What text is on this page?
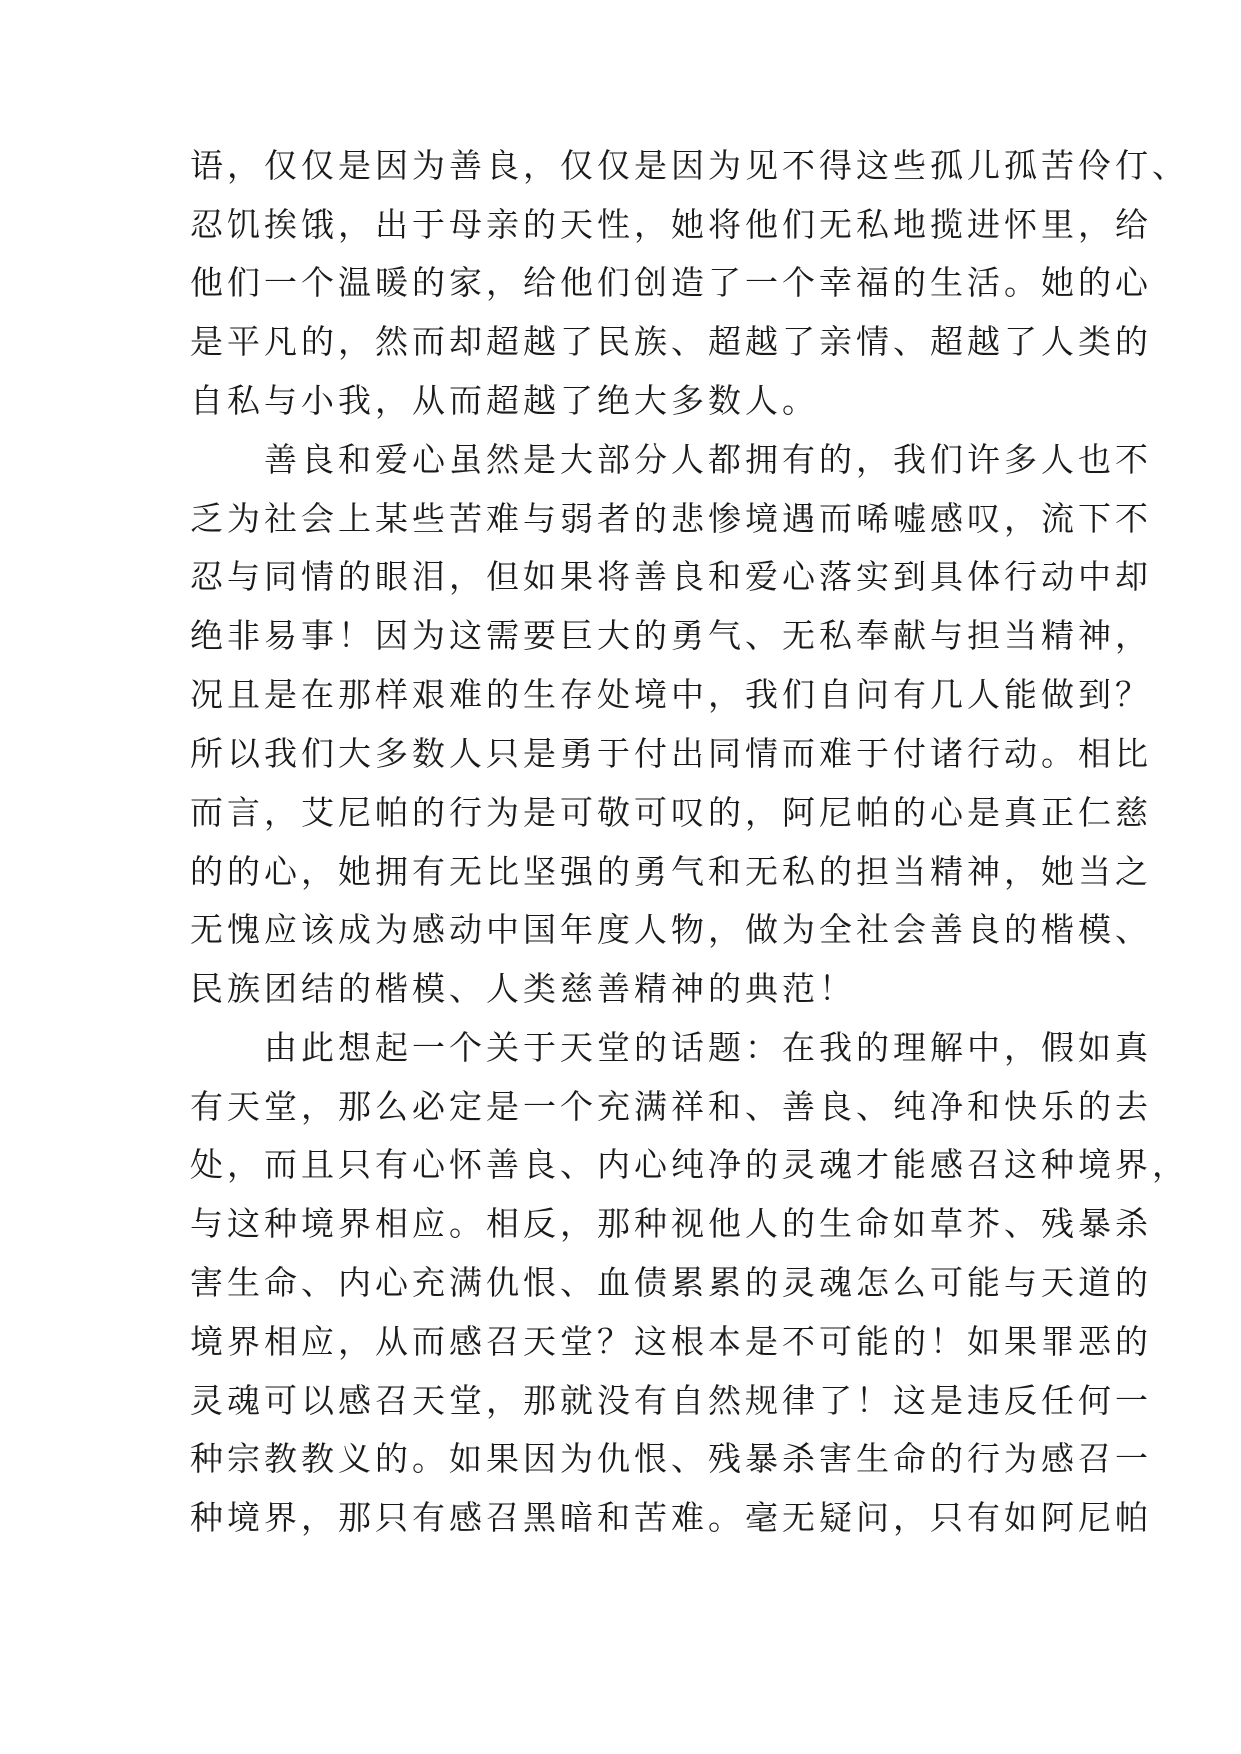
语，仅仅是因为善良，仅仅是因为见不得这些孤儿孤苦伶仃、
忍饥挨饿，出于母亲的天性，她将他们无私地揽进怀里，给
他们一个温暖的家，给他们创造了一个幸福的生活。她的心
是平凡的，然而却超越了民族、超越了亲情、超越了人类的
自私与小我，从而超越了绝大多数人。
　　善良和爱心虽然是大部分人都拥有的，我们许多人也不
乏为社会上某些苦难与弱者的悲惨境遇而唏嘘感叹，流下不
忍与同情的眼泪，但如果将善良和爱心落实到具体行动中却
绝非易事！因为这需要巨大的勇气、无私奉献与担当精神，
况且是在那样艰难的生存处境中，我们自问有几人能做到？
所以我们大多数人只是勇于付出同情而难于付诸行动。相比
而言，艾尼帕的行为是可敬可叹的，阿尼帕的心是真正仁慈
的的心，她拥有无比坚强的勇气和无私的担当精神，她当之
无愧应该成为感动中国年度人物，做为全社会善良的楷模、
民族团结的楷模、人类慈善精神的典范！
　　由此想起一个关于天堂的话题：在我的理解中，假如真
有天堂，那么必定是一个充满祥和、善良、纯净和快乐的去
处，而且只有心怀善良、内心纯净的灵魂才能感召这种境界，
与这种境界相应。相反，那种视他人的生命如草芥、残暴杀
害生命、内心充满仇恨、血债累累的灵魂怎么可能与天道的
境界相应，从而感召天堂？这根本是不可能的！如果罪恶的
灵魂可以感召天堂，那就没有自然规律了！这是违反任何一
种宗教教义的。如果因为仇恨、残暴杀害生命的行为感召一
种境界，那只有感召黑暗和苦难。毫无疑问，只有如阿尼帕
